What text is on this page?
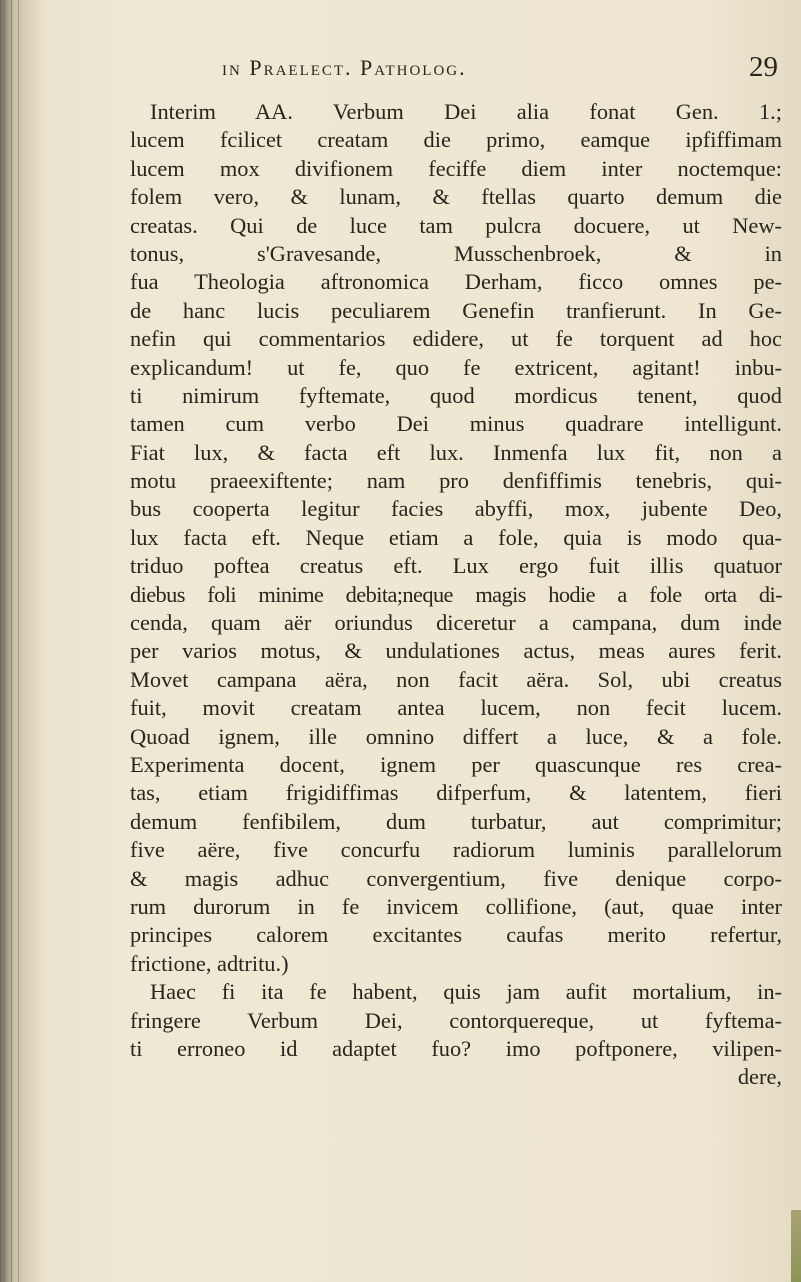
in Praelect. Patholog.	29
Interim AA. Verbum Dei alia fonat Gen. 1.;
lucem fcilicet creatam die primo, eamque ipfiffimam
lucem mox divifionem feciffe diem inter noctemque:
folem vero, & lunam, & ftellas quarto demum die
creatas. Qui de luce tam pulcra docuere, ut New-
tonus, s'Gravesande, Musschenbroek, & in
fua Theologia aftronomica Derham, ficco omnes pe-
de hanc lucis peculiarem Genefin tranfierunt. In Ge-
nefin qui commentarios edidere, ut fe torquent ad hoc
explicandum! ut fe, quo fe extricent, agitant! inbu-
ti nimirum fyftemate, quod mordicus tenent, quod
tamen cum verbo Dei minus quadrare intelligunt.
Fiat lux, & facta eft lux. Inmenfa lux fit, non a
motu praeexiftente; nam pro denfiffimis tenebris, qui-
bus cooperta legitur facies abyffi, mox, jubente Deo,
lux facta eft. Neque etiam a fole, quia is modo qua-
triduo poftea creatus eft. Lux ergo fuit illis quatuor
diebus foli minime debita;neque magis hodie a fole orta di-
cenda, quam aër oriundus diceretur a campana, dum inde
per varios motus, & undulationes actus, meas aures ferit.
Movet campana aëra, non facit aëra. Sol, ubi creatus
fuit, movit creatam antea lucem, non fecit lucem.
Quoad ignem, ille omnino differt a luce, & a fole.
Experimenta docent, ignem per quascunque res crea-
tas, etiam frigidiffimas difperfum, & latentem, fieri
demum fenfibilem, dum turbatur, aut comprimitur;
five aëre, five concurfu radiorum luminis parallelorum
& magis adhuc convergentium, five denique corpo-
rum durorum in fe invicem collifione, (aut, quae inter
principes calorem excitantes caufas merito refertur,
frictione, adtritu.)
Haec fi ita fe habent, quis jam aufit mortalium, in-
fringere Verbum Dei, contorquereque, ut fyftema-
ti erroneo id adaptet fuo? imo poftponere, vilipen-
dere,
